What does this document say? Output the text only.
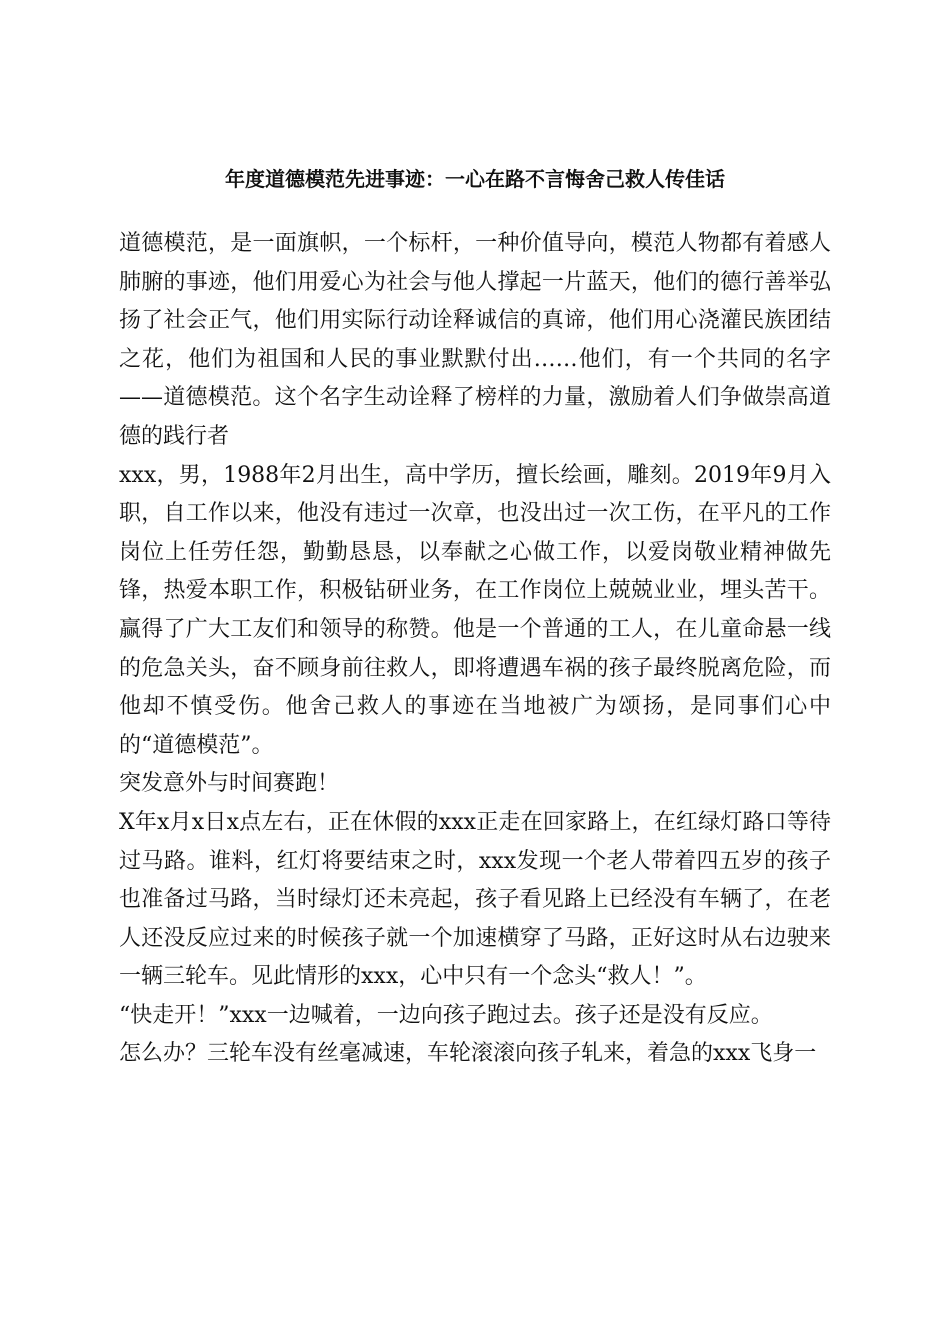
年度道德模范先进事迹：一心在路不言悔舍己救人传佳话

道德模范，是一面旗帜，一个标杆，一种价值导向，模范人物都有着感人肺腑的事迹，他们用爱心为社会与他人撑起一片蓝天，他们的德行善举弘扬了社会正气，他们用实际行动诠释诚信的真谛，他们用心浇灌民族团结之花，他们为祖国和人民的事业默默付出……他们，有一个共同的名字——道德模范。这个名字生动诠释了榜样的力量，激励着人们争做崇高道德的践行者

xxx，男，1988年2月出生，高中学历，擅长绘画，雕刻。2019年9月入职，自工作以来，他没有违过一次章，也没出过一次工伤，在平凡的工作岗位上任劳任怨，勤勤恳恳，以奉献之心做工作，以爱岗敬业精神做先锋，热爱本职工作，积极钻研业务，在工作岗位上兢兢业业，埋头苦干。赢得了广大工友们和领导的称赞。他是一个普通的工人，在儿童命悬一线的危急关头，奋不顾身前往救人，即将遭遇车祸的孩子最终脱离危险，而他却不慎受伤。他舍己救人的事迹在当地被广为颂扬，是同事们心中的“道德模范”。

突发意外与时间赛跑！

X年x月x日x点左右，正在休假的xxx正走在回家路上，在红绿灯路口等待过马路。谁料，红灯将要结束之时，xxx发现一个老人带着四五岁的孩子也准备过马路，当时绿灯还未亮起，孩子看见路上已经没有车辆了，在老人还没反应过来的时候孩子就一个加速横穿了马路，正好这时从右边驶来一辆三轮车。见此情形的xxx，心中只有一个念头“救人！”。

“快走开！”xxx一边喊着，一边向孩子跑过去。孩子还是没有反应。

怎么办？三轮车没有丝毫减速，车轮滚滚向孩子轧来，着急的xxx飞身一
